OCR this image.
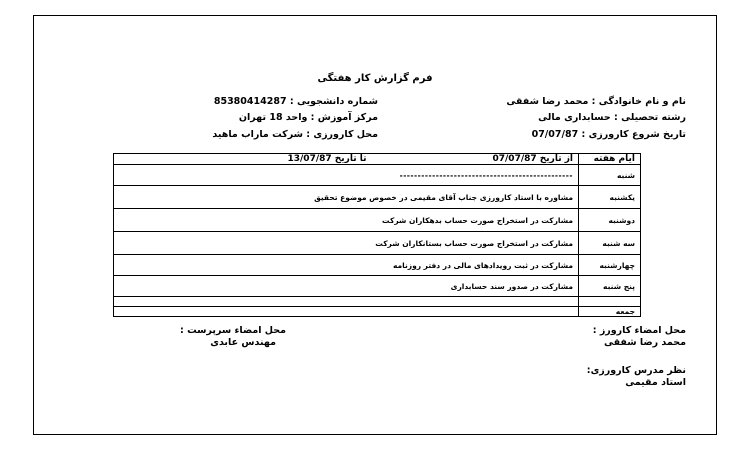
فرم گزارش کار هفتگی
نام و نام خانوادگی : محمد رضا شفقی
شماره دانشجویی : 85380414287
رشته تحصیلی : حسابداری مالی
مرکز آموزش : واحد 18 تهران
تاریخ شروع کارورزی : 07/07/87
محل کارورزی : شرکت ماراب ماهید
ایام هفته	از تاریخ 07/07/87	تا تاریخ 13/07/87
شنبه	------------------------------------------------	
یکشنبه	مشاوره با استاد کارورزی جناب آقای مقیمی در خصوص موضوع تحقیق	
دوشنبه	مشارکت در استخراج صورت حساب بدهکاران شرکت	
سه شنبه	مشارکت در استخراج صورت حساب بستانکاران شرکت	
چهارشنبه	مشارکت در ثبت رویدادهای مالی در دفتر روزنامه	
پنج شنبه	مشارکت در صدور سند حسابداری	

جمعه		
محل امضاء کارورز :
محمد رضا شفقی
محل امضاء سرپرست :
مهندس عابدی
نظر مدرس کارورزی:
استاد مقیمی
